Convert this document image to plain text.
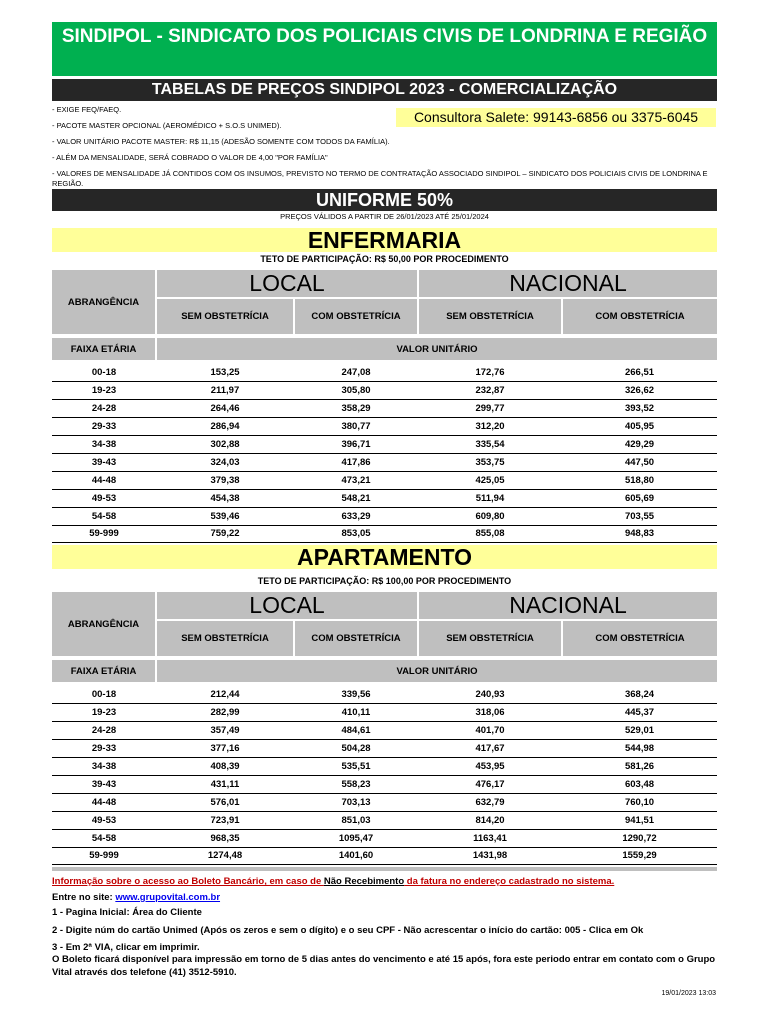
SINDIPOL - SINDICATO DOS POLICIAIS CIVIS DE LONDRINA E REGIÃO
TABELAS DE PREÇOS SINDIPOL 2023 - COMERCIALIZAÇÃO
- EXIGE FEQ/FAEQ.
- PACOTE MASTER OPCIONAL (AEROMÉDICO + S.O.S UNIMED).
- VALOR UNITÁRIO PACOTE MASTER: R$ 11,15 (ADESÃO SOMENTE COM TODOS DA FAMÍLIA).
- ALÉM DA MENSALIDADE, SERÁ COBRADO O VALOR DE 4,00 "POR FAMÍLIA"
- VALORES DE MENSALIDADE JÁ CONTIDOS COM OS INSUMOS, PREVISTO NO TERMO DE CONTRATAÇÃO ASSOCIADO SINDIPOL – SINDICATO DOS POLICIAIS CIVIS DE LONDRINA E REGIÃO.
Consultora Salete: 99143-6856 ou 3375-6045
UNIFORME 50%
PREÇOS VÁLIDOS A PARTIR DE 26/01/2023 ATÉ 25/01/2024
ENFERMARIA
TETO DE PARTICIPAÇÃO: R$ 50,00 POR PROCEDIMENTO
ABRANGÊNCIA	LOCAL		NACIONAL	
	SEM OBSTETRÍCIA	COM OBSTETRÍCIA	SEM OBSTETRÍCIA	COM OBSTETRÍCIA

FAIXA ETÁRIA	VALOR UNITÁRIO			

00-18	153,25	247,08	172,76	266,51
19-23	211,97	305,80	232,87	326,62
24-28	264,46	358,29	299,77	393,52
29-33	286,94	380,77	312,20	405,95
34-38	302,88	396,71	335,54	429,29
39-43	324,03	417,86	353,75	447,50
44-48	379,38	473,21	425,05	518,80
49-53	454,38	548,21	511,94	605,69
54-58	539,46	633,29	609,80	703,55
59-999	759,22	853,05	855,08	948,83
APARTAMENTO
TETO DE PARTICIPAÇÃO: R$ 100,00 POR PROCEDIMENTO
ABRANGÊNCIA	LOCAL		NACIONAL	
	SEM OBSTETRÍCIA	COM OBSTETRÍCIA	SEM OBSTETRÍCIA	COM OBSTETRÍCIA

FAIXA ETÁRIA	VALOR UNITÁRIO			

00-18	212,44	339,56	240,93	368,24
19-23	282,99	410,11	318,06	445,37
24-28	357,49	484,61	401,70	529,01
29-33	377,16	504,28	417,67	544,98
34-38	408,39	535,51	453,95	581,26
39-43	431,11	558,23	476,17	603,48
44-48	576,01	703,13	632,79	760,10
49-53	723,91	851,03	814,20	941,51
54-58	968,35	1095,47	1163,41	1290,72
59-999	1274,48	1401,60	1431,98	1559,29
Informação sobre o acesso ao Boleto Bancário, em caso de Não Recebimento da fatura no endereço cadastrado no sistema.
Entre no site: www.grupovital.com.br
1 - Pagina Inicial: Área do Cliente
2 - Digite núm do cartão Unimed (Após os zeros e sem o dígito) e o seu CPF - Não acrescentar o início do cartão: 005 - Clica em Ok
3 - Em 2ª VIA, clicar em imprimir.
O Boleto ficará disponível para impressão em torno de 5 dias antes do vencimento e até 15 após, fora este periodo entrar em contato com o Grupo Vital através dos telefone (41) 3512-5910.
19/01/2023 13:03
